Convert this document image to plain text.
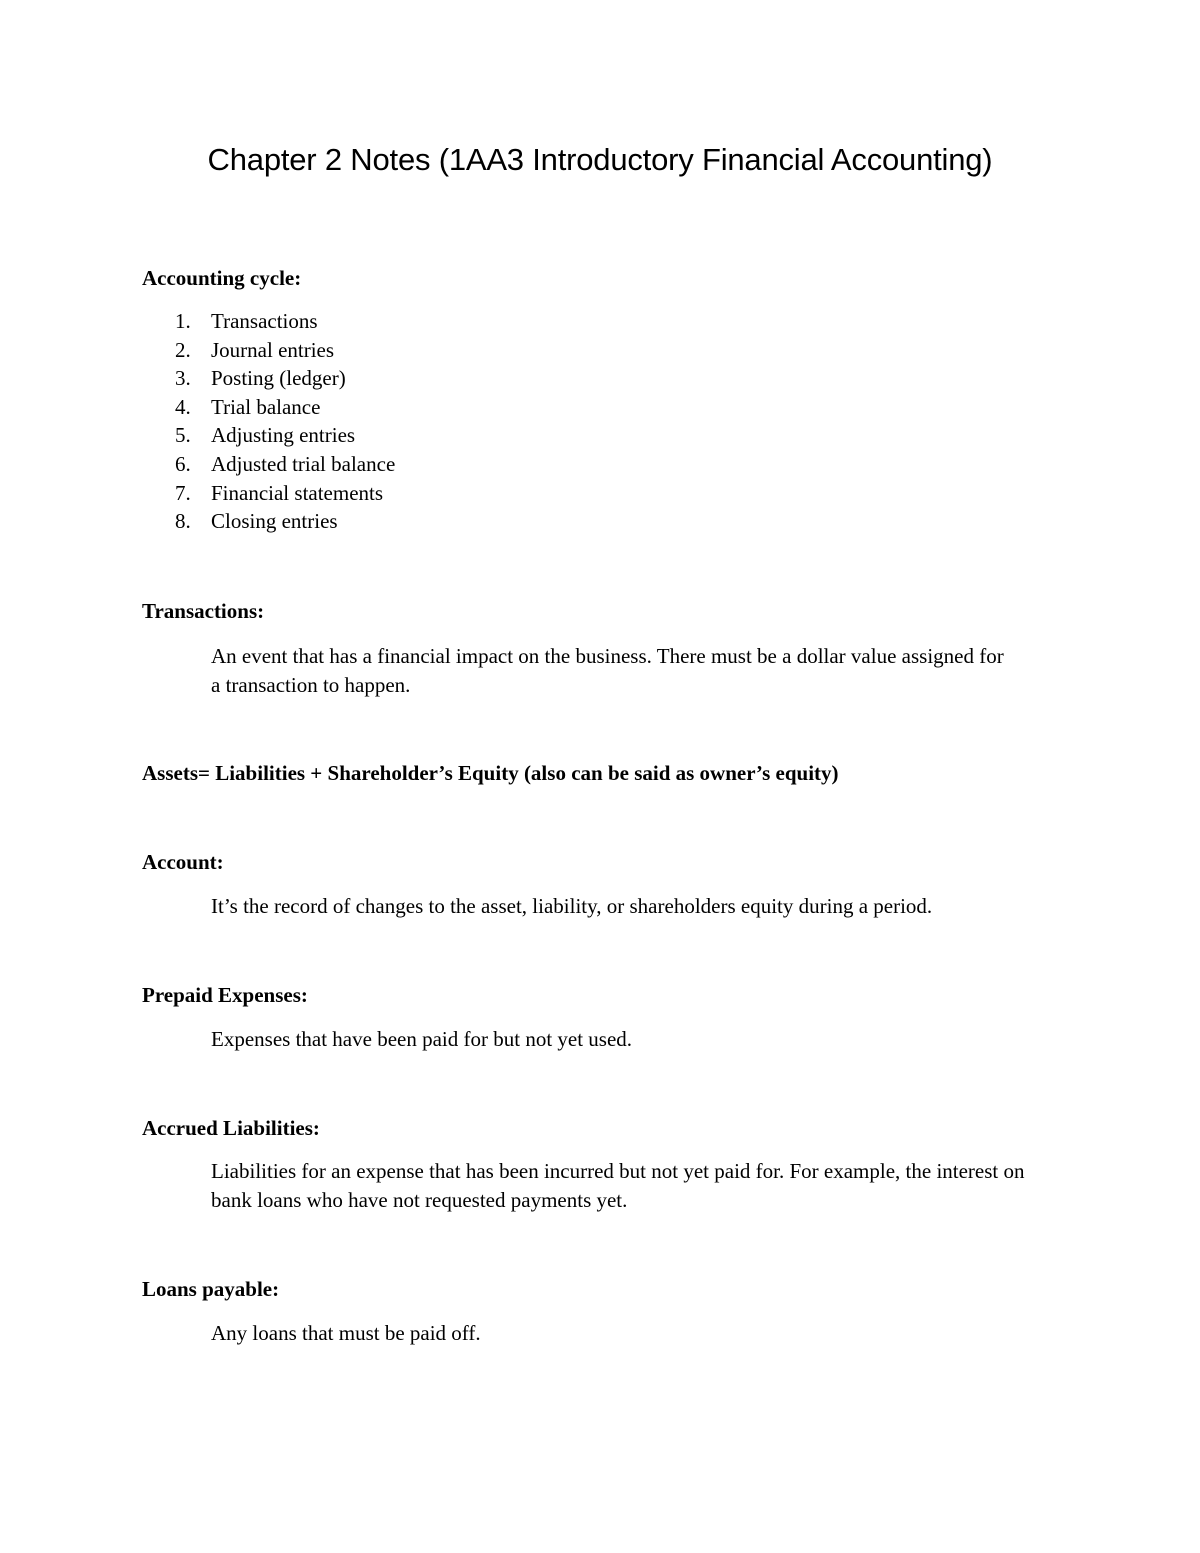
Chapter 2 Notes (1AA3 Introductory Financial Accounting)

Accounting cycle:

1. Transactions
2. Journal entries
3. Posting (ledger)
4. Trial balance
5. Adjusting entries
6. Adjusted trial balance
7. Financial statements
8. Closing entries

Transactions:

An event that has a financial impact on the business. There must be a dollar value assigned for a transaction to happen.

Assets= Liabilities + Shareholder’s Equity (also can be said as owner’s equity)

Account:

It’s the record of changes to the asset, liability, or shareholders equity during a period.

Prepaid Expenses:

Expenses that have been paid for but not yet used.

Accrued Liabilities:

Liabilities for an expense that has been incurred but not yet paid for. For example, the interest on bank loans who have not requested payments yet.

Loans payable:

Any loans that must be paid off.
